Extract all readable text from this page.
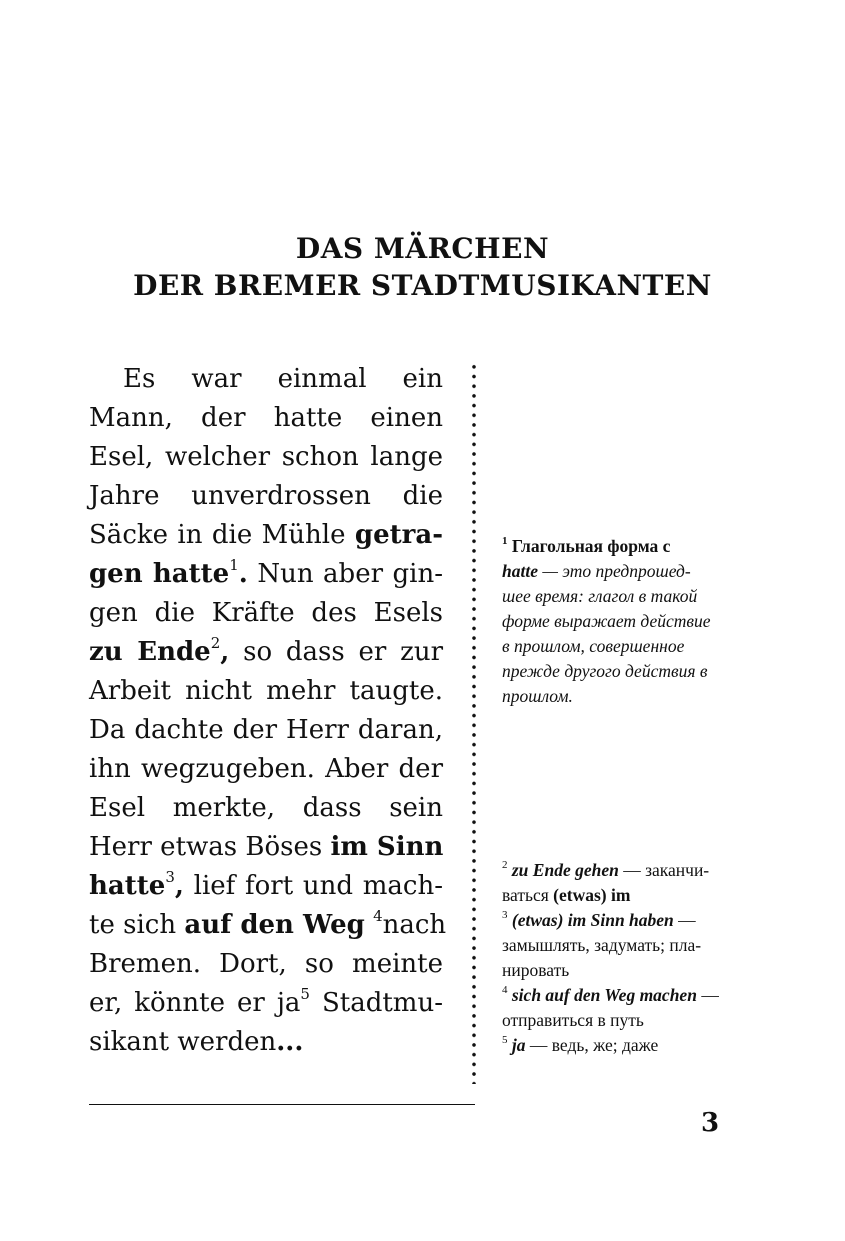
DAS MÄRCHEN
DER BREMER STADTMUSIKANTEN
Es war einmal ein
Mann, der hatte einen
Esel, welcher schon lange
Jahre unverdrossen die
Säcke in die Mühle getra-
gen hatte$^1$. Nun aber gin-
gen die Kräfte des Esels
zu Ende$^2$, so dass er zur
Arbeit nicht mehr taugte.
Da dachte der Herr daran,
ihn wegzugeben. Aber der
Esel merkte, dass sein
Herr etwas Böses im Sinn
hatte$^3$, lief fort und mach-
te sich auf den Weg $^4$nach
Bremen. Dort, so meinte
er, könnte er $ja^5$ Stadtmu-
sikant werden...
$^1$ Глагольная форма с
hatte — это предпрошед-
шее время: глагол в такой
форме выражает действие
в прошлом, совершенное
прежде другого действия в
прошлом.
$^2$ zu Ende gehen — заканчи-
ваться (etwas) im
$^3$ (etwas) im Sinn haben —
замышлять, задумать; пла-
нировать
$^4$ sich auf den Weg machen —
отправиться в путь
$^5$ ja — ведь, же; даже
3
